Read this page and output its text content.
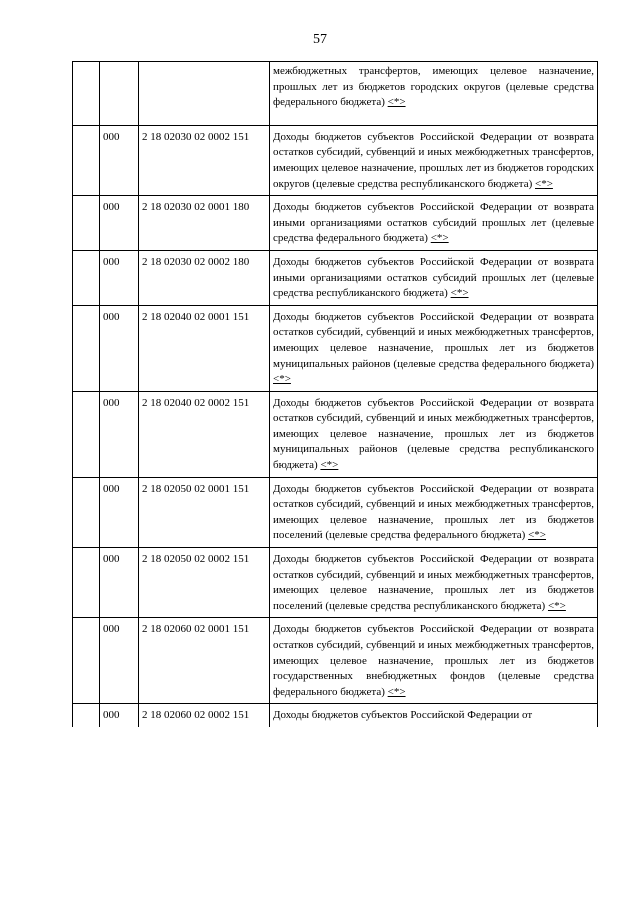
57

			межбюджетных трансфертов, имеющих целевое назначение, прошлых лет из бюджетов городских округов (целевые средства федерального бюджета) <*>

	000	2 18 02030 02 0002 151	Доходы бюджетов субъектов Российской Федерации от возврата остатков субсидий, субвенций и иных межбюджетных трансфертов, имеющих целевое назначение, прошлых лет из бюджетов городских округов (целевые средства республиканского бюджета) <*>

	000	2 18 02030 02 0001 180	Доходы бюджетов субъектов Российской Федерации от возврата иными организациями остатков субсидий прошлых лет (целевые средства федерального бюджета) <*>

	000	2 18 02030 02 0002 180	Доходы бюджетов субъектов Российской Федерации от возврата иными организациями остатков субсидий прошлых лет (целевые средства республиканского бюджета) <*>

	000	2 18 02040 02 0001 151	Доходы бюджетов субъектов Российской Федерации от возврата остатков субсидий, субвенций и иных межбюджетных трансфертов, имеющих целевое назначение, прошлых лет из бюджетов муниципальных районов (целевые средства федерального бюджета) <*>

	000	2 18 02040 02 0002 151	Доходы бюджетов субъектов Российской Федерации от возврата остатков субсидий, субвенций и иных межбюджетных трансфертов, имеющих целевое назначение, прошлых лет из бюджетов муниципальных районов (целевые средства республиканского бюджета) <*>

	000	2 18 02050 02 0001 151	Доходы бюджетов субъектов Российской Федерации от возврата остатков субсидий, субвенций и иных межбюджетных трансфертов, имеющих целевое назначение, прошлых лет из бюджетов поселений (целевые средства федерального бюджета) <*>

	000	2 18 02050 02 0002 151	Доходы бюджетов субъектов Российской Федерации от возврата остатков субсидий, субвенций и иных межбюджетных трансфертов, имеющих целевое назначение, прошлых лет из бюджетов поселений (целевые средства республиканского бюджета) <*>

	000	2 18 02060 02 0001 151	Доходы бюджетов субъектов Российской Федерации от возврата остатков субсидий, субвенций и иных межбюджетных трансфертов, имеющих целевое назначение, прошлых лет из бюджетов государственных внебюджетных фондов (целевые средства федерального бюджета) <*>

	000	2 18 02060 02 0002 151	Доходы бюджетов субъектов Российской Федерации от
